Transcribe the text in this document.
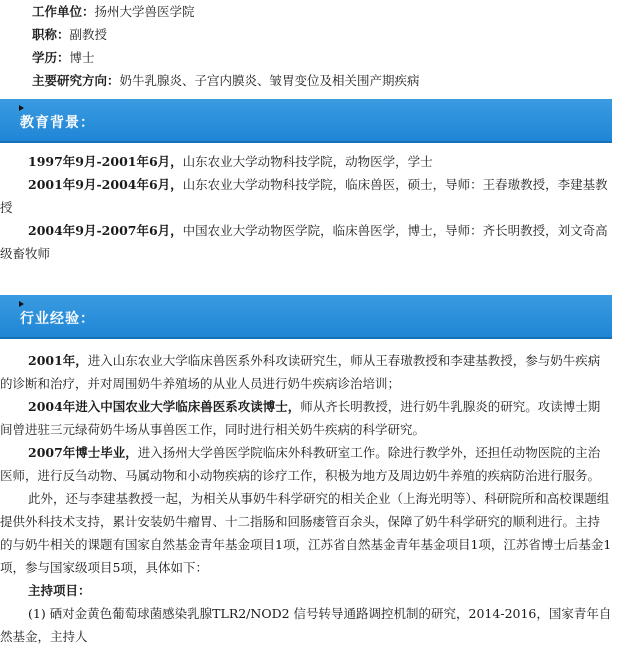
工作单位：扬州大学兽医学院
职称：副教授
学历：博士
主要研究方向：奶牛乳腺炎、子宫内膜炎、皱胃变位及相关围产期疾病
教育背景：
1997年9月-2001年6月，山东农业大学动物科技学院，动物医学，学士
2001年9月-2004年6月，山东农业大学动物科技学院，临床兽医，硕士，导师：王春璈教授，李建基教授
2004年9月-2007年6月，中国农业大学动物医学院，临床兽医学，博士，导师：齐长明教授，刘文奇高级畜牧师
行业经验：
2001年，进入山东农业大学临床兽医系外科攻读研究生，师从王春璈教授和李建基教授，参与奶牛疾病的诊断和治疗，并对周围奶牛养殖场的从业人员进行奶牛疾病诊治培训；
2004年进入中国农业大学临床兽医系攻读博士，师从齐长明教授，进行奶牛乳腺炎的研究。攻读博士期间曾进驻三元绿荷奶牛场从事兽医工作，同时进行相关奶牛疾病的科学研究。
2007年博士毕业，进入扬州大学兽医学院临床外科教研室工作。除进行教学外，还担任动物医院的主治医师，进行反刍动物、马属动物和小动物疾病的诊疗工作，积极为地方及周边奶牛养殖的疾病防治进行服务。
此外，还与李建基教授一起，为相关从事奶牛科学研究的相关企业（上海光明等）、科研院所和高校课题组提供外科技术支持，累计安装奶牛瘤胃、十二指肠和回肠瘘管百余头，保障了奶牛科学研究的顺利进行。主持的与奶牛相关的课题有国家自然基金青年基金项目1项，江苏省自然基金青年基金项目1项，江苏省博士后基金1项，参与国家级项目5项，具体如下：
主持项目：
(1) 硒对金黄色葡萄球菌感染乳腺TLR2/NOD2 信号转导通路调控机制的研究，2014-2016，国家青年自然基金，主持人
